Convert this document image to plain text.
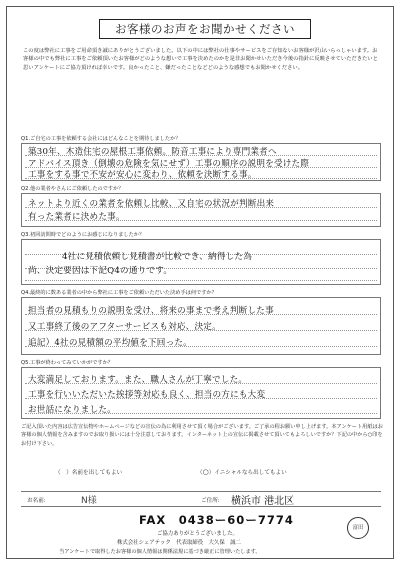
お客様のお声をお聞かせください
この度は弊社に工事をご用命頂き誠にありがとうございました。以下の中には弊社の仕事やサービスをご存知ないお客様が沢山いらっしゃいます。お客様の中でも弊社に工事をご依頼頂いたお客様がどのような想いで工事を決めたのかを是非お聞かせいただき今後の指針に反映させていただきたいと思いアンケートにご協力頂ければ幸いです。良かったこと、嫌だったことなどどのような感想でもお聞かせください。
Q1.ご自宅の工事を依頼する会社にはどんなことを期待しましたか？
築30年、木造住宅の屋根工事依頼。防音工事により専門業者へ
アドバイス頂き（倒壊の危険を気にせず）工事の順序の説明を受けた際
工事をする事で不安が安心に変わり、依頼を決断する事。
Q2.他の業者やさんにご依頼したのですか？
ネットより近くの業者を依頼し比較、又自宅の状況が判断出来
有った業者に決めた事。
Q3.初回訪問時でどのようにお感じになりましたか？
4社に見積依頼し見積書が比較でき、納得した為
尚、決定要因は下記Q4の通りです。
Q4.最終的に数ある業者の中から弊社に工事をご依頼いただいた決め手は何ですか？
担当者の見積もりの説明を受け、将来の事まで考え判断した事
又工事終了後のアフターサービスも対応、決定。
追記）4社の見積額の平均値を下回った。
Q5.工事が終わってみていかがですか？
大変満足しております。また、職人さんが丁寧でした。
工事を行いいただいた挨拶等対応も良く、担当の方にも大変
お世話になりました。
ご記入頂いた内容は広告宣伝物やホームページなどの宣伝の為に利用させて頂く場合がございます。ご了承の程お願い申し上げます。本アンケート用紙はお客様の個人情報を含みますのでお取り扱いには十分注意しております。インターネット上の宣伝に掲載させて頂いてもよろしいですか？下記の中から○印をお付け下さい。
（　）名前を出してもよい	（○）イニシャルなら出してもよい
お名前:	N様	ご住所: 横浜市 港北区
FAX　0438ー60ー7774
ご協力ありがとうございました。
株式会社シェアテック　代表取締役　大久保　誠二
当アンケートで取得したお客様の個人情報は関係法規に基づき厳正に管理いたします。
富田
